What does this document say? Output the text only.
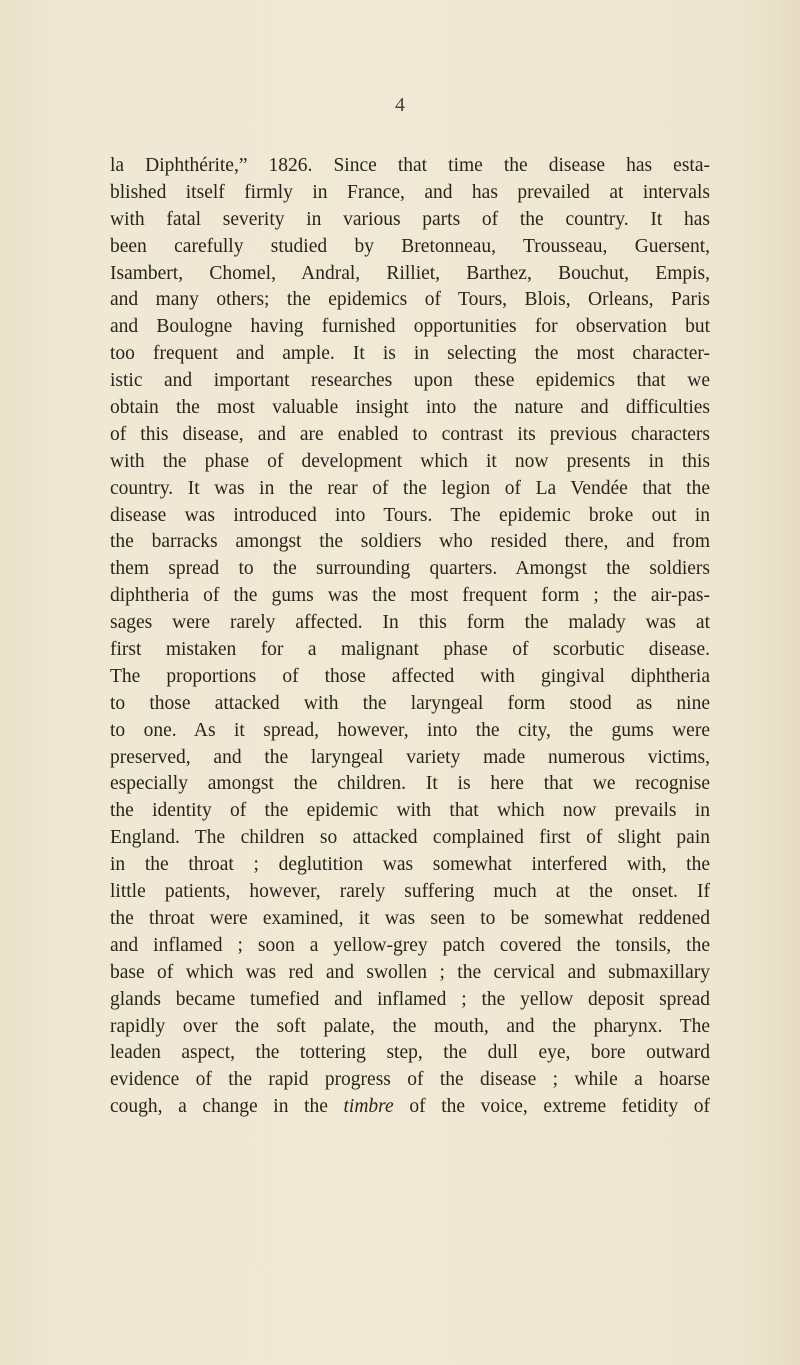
4
la Diphthérite,” 1826. Since that time the disease has esta-
blished itself firmly in France, and has prevailed at intervals
with fatal severity in various parts of the country. It has
been carefully studied by Bretonneau, Trousseau, Guersent,
Isambert, Chomel, Andral, Rilliet, Barthez, Bouchut, Empis,
and many others; the epidemics of Tours, Blois, Orleans, Paris
and Boulogne having furnished opportunities for observation but
too frequent and ample. It is in selecting the most character-
istic and important researches upon these epidemics that we
obtain the most valuable insight into the nature and difficulties
of this disease, and are enabled to contrast its previous characters
with the phase of development which it now presents in this
country. It was in the rear of the legion of La Vendée that the
disease was introduced into Tours. The epidemic broke out in
the barracks amongst the soldiers who resided there, and from
them spread to the surrounding quarters. Amongst the soldiers
diphtheria of the gums was the most frequent form ; the air-pas-
sages were rarely affected. In this form the malady was at
first mistaken for a malignant phase of scorbutic disease.
The proportions of those affected with gingival diphtheria
to those attacked with the laryngeal form stood as nine
to one. As it spread, however, into the city, the gums were
preserved, and the laryngeal variety made numerous victims,
especially amongst the children. It is here that we recognise
the identity of the epidemic with that which now prevails in
England. The children so attacked complained first of slight pain
in the throat ; deglutition was somewhat interfered with, the
little patients, however, rarely suffering much at the onset. If
the throat were examined, it was seen to be somewhat reddened
and inflamed ; soon a yellow-grey patch covered the tonsils, the
base of which was red and swollen ; the cervical and submaxillary
glands became tumefied and inflamed ; the yellow deposit spread
rapidly over the soft palate, the mouth, and the pharynx. The
leaden aspect, the tottering step, the dull eye, bore outward
evidence of the rapid progress of the disease ; while a hoarse
cough, a change in the timbre of the voice, extreme fetidity of
